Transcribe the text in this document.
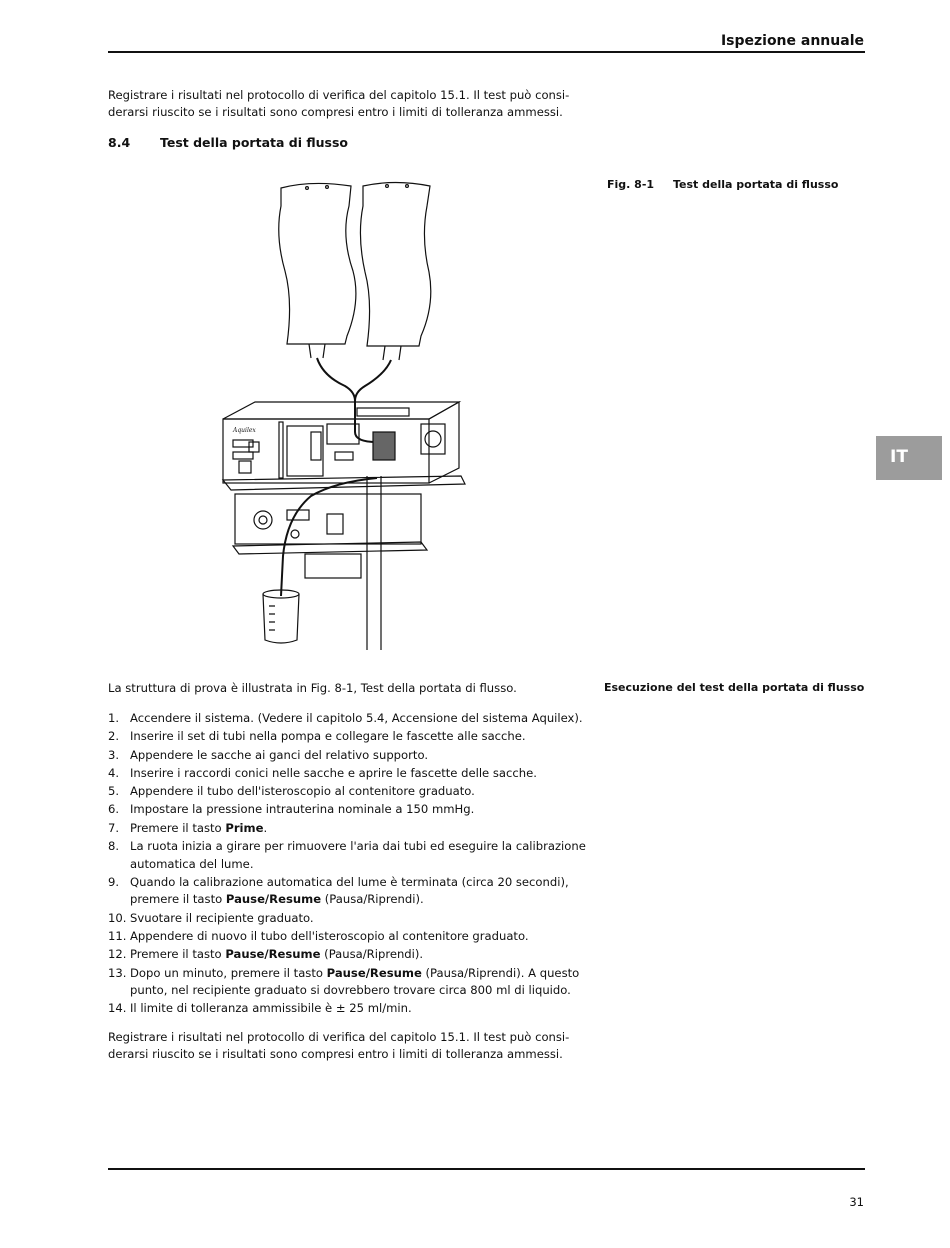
Ispezione annuale
Registrare i risultati nel protocollo di verifica del capitolo 15.1. Il test può consi-derarsi riuscito se i risultati sono compresi entro i limiti di tolleranza ammessi.
8.4 Test della portata di flusso
Fig. 8-1 Test della portata di flusso
Aquilex
IT
La struttura di prova è illustrata in Fig. 8-1, Test della portata di flusso.	Esecuzione del test della portata di flusso
1. Accendere il sistema. (Vedere il capitolo 5.4, Accensione del sistema Aquilex).
2. Inserire il set di tubi nella pompa e collegare le fascette alle sacche.
3. Appendere le sacche ai ganci del relativo supporto.
4. Inserire i raccordi conici nelle sacche e aprire le fascette delle sacche.
5. Appendere il tubo dell'isteroscopio al contenitore graduato.
6. Impostare la pressione intrauterina nominale a 150 mmHg.
7. Premere il tasto Prime.
8. La ruota inizia a girare per rimuovere l'aria dai tubi ed eseguire la calibrazione automatica del lume.
9. Quando la calibrazione automatica del lume è terminata (circa 20 secondi), premere il tasto Pause/Resume (Pausa/Riprendi).
10. Svuotare il recipiente graduato.
11. Appendere di nuovo il tubo dell'isteroscopio al contenitore graduato.
12. Premere il tasto Pause/Resume (Pausa/Riprendi).
13. Dopo un minuto, premere il tasto Pause/Resume (Pausa/Riprendi). A questo punto, nel recipiente graduato si dovrebbero trovare circa 800 ml di liquido.
14. Il limite di tolleranza ammissibile è ± 25 ml/min.
Registrare i risultati nel protocollo di verifica del capitolo 15.1. Il test può consi-derarsi riuscito se i risultati sono compresi entro i limiti di tolleranza ammessi.
31
